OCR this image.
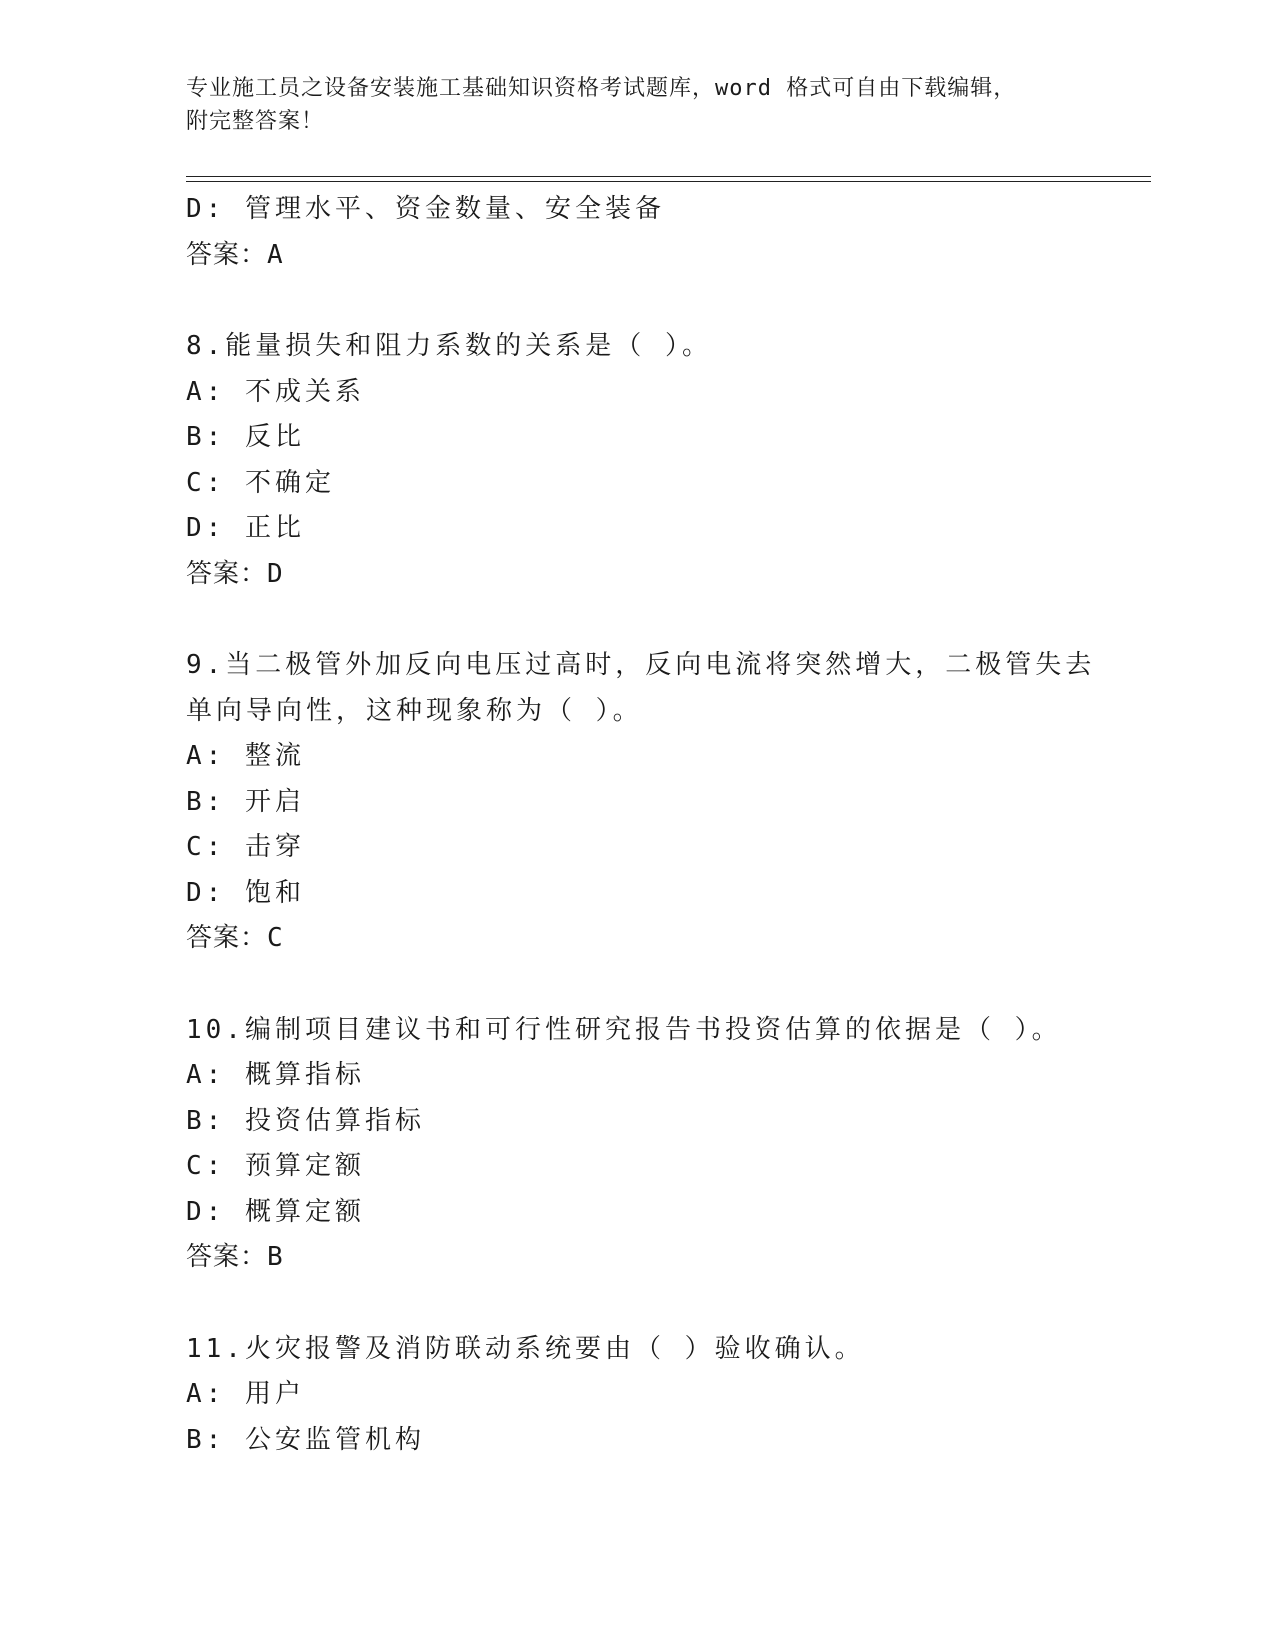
专业施工员之设备安装施工基础知识资格考试题库，word 格式可自由下载编辑，
附完整答案！
D: 管理水平、资金数量、安全装备
答案：A
8.能量损失和阻力系数的关系是（ ）。
A: 不成关系
B: 反比
C: 不确定
D: 正比
答案：D
9.当二极管外加反向电压过高时，反向电流将突然增大，二极管失去
单向导向性，这种现象称为（ ）。
A: 整流
B: 开启
C: 击穿
D: 饱和
答案：C
10.编制项目建议书和可行性研究报告书投资估算的依据是（ ）。
A: 概算指标
B: 投资估算指标
C: 预算定额
D: 概算定额
答案：B
11.火灾报警及消防联动系统要由（ ）验收确认。
A: 用户
B: 公安监管机构
